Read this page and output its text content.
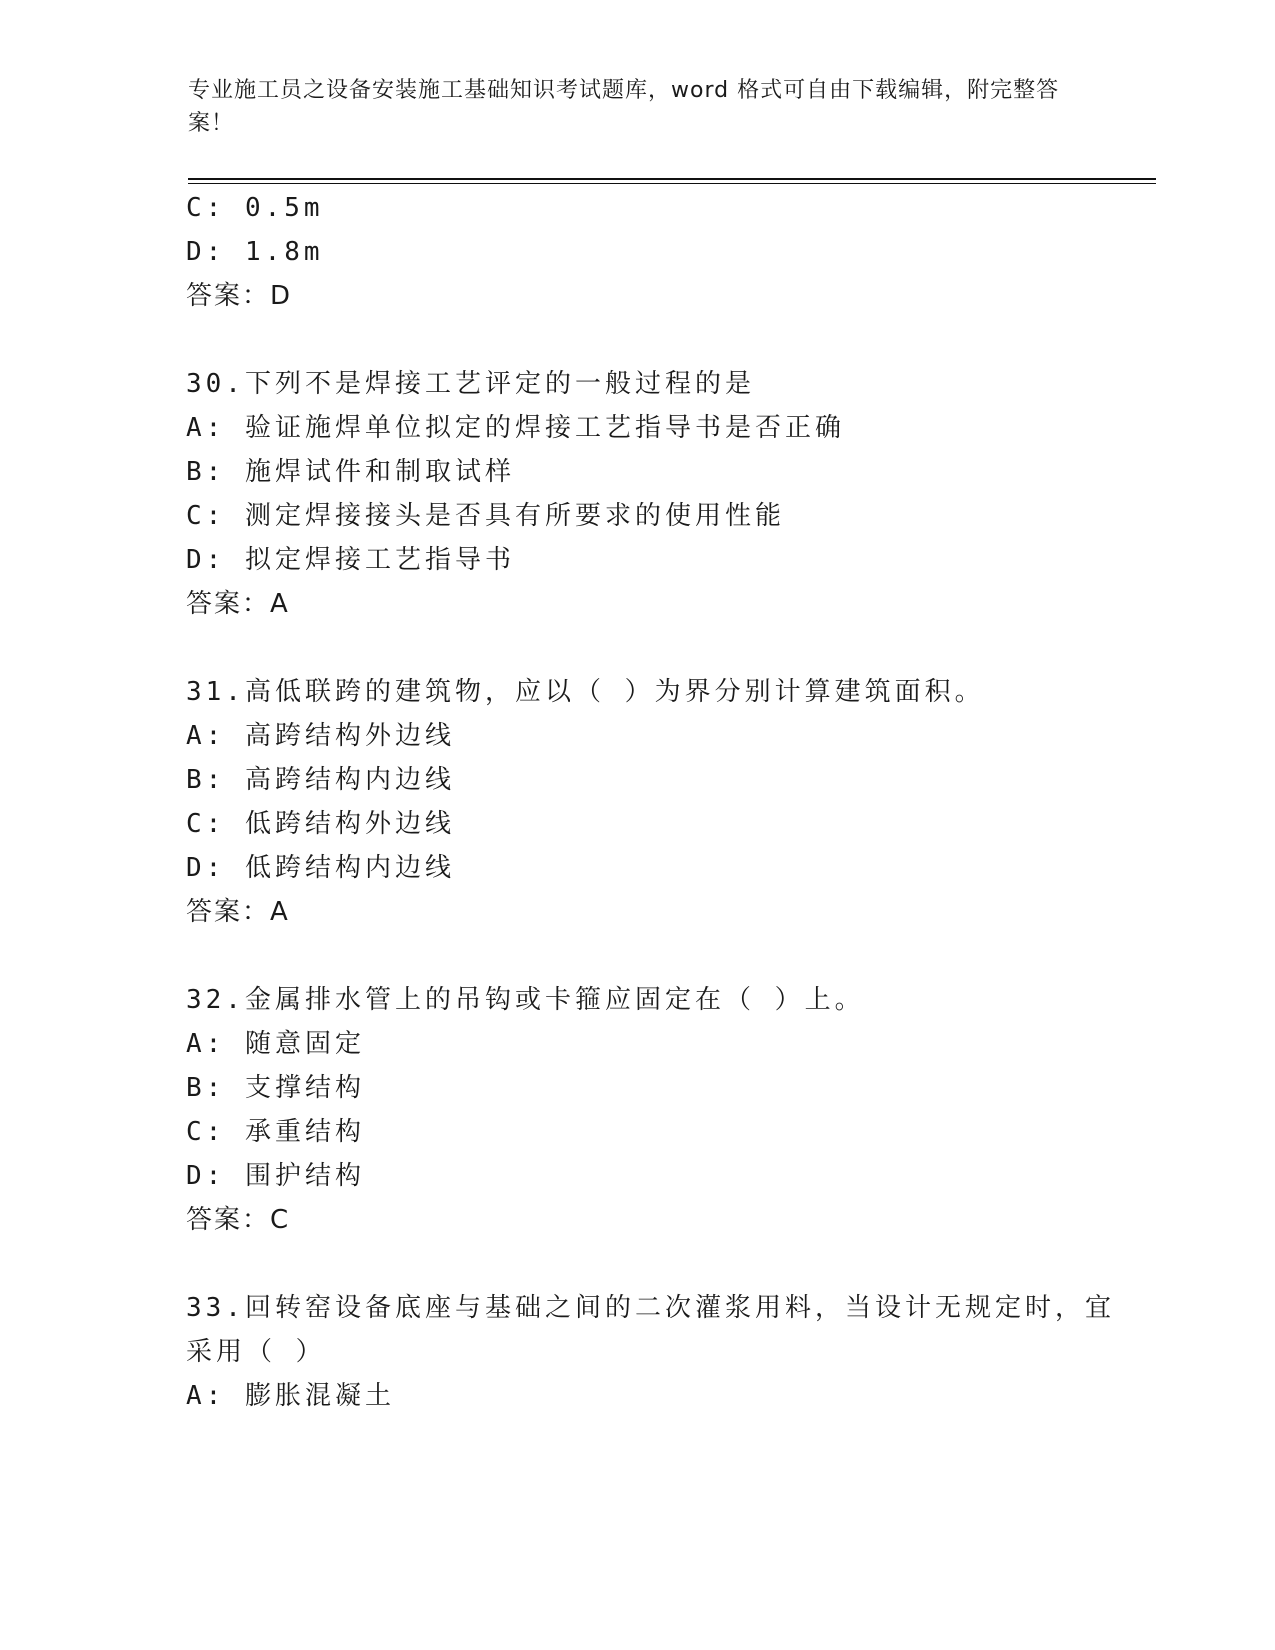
专业施工员之设备安装施工基础知识考试题库，word 格式可自由下载编辑，附完整答案！
C: 0.5m
D: 1.8m
答案：D
30.下列不是焊接工艺评定的一般过程的是
A: 验证施焊单位拟定的焊接工艺指导书是否正确
B: 施焊试件和制取试样
C: 测定焊接接头是否具有所要求的使用性能
D: 拟定焊接工艺指导书
答案：A
31.高低联跨的建筑物，应以（ ）为界分别计算建筑面积。
A: 高跨结构外边线
B: 高跨结构内边线
C: 低跨结构外边线
D: 低跨结构内边线
答案：A
32.金属排水管上的吊钩或卡箍应固定在（ ）上。
A: 随意固定
B: 支撑结构
C: 承重结构
D: 围护结构
答案：C
33.回转窑设备底座与基础之间的二次灌浆用料，当设计无规定时，宜
采用（ ）
A: 膨胀混凝土
